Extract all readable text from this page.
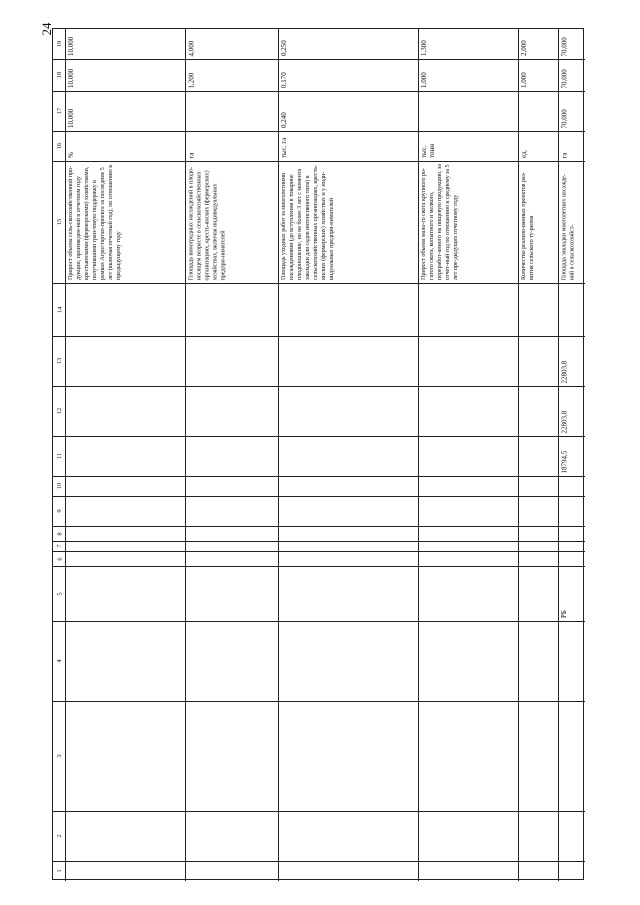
24
1
2
3
4
5
6
7
8
9
10
11
12
13
14
15
16
17
18
19
Прирост объема сель-скохозяйственной про-дукции, произведен-ной в отчетном году крестьянскими (фермерскими) хозяйствами, получившими гран-товую поддержку в рамках Агростартап-проекта за последние 5 лет (включая отчетный год), по отношению к предыдущему году
%
10,000
10,000
10,000
Площадь виноградных насаждений в плодо-носящем возрасте в сельскохозяйственных организациях, кресть-янских (фермерских) хозяйствах, включая индивидуальных предпри-нимателей
га
1,200
4,000
Площадь уходных работ за многолетними насаждениями (до вступления в товарное плодоношение, но не более 3 лет с момента закладки для садов интенсивного типа) в сельскохозяйственных организациях, кресть-янских (фермерских) хозяйствах и у инди-видуальных предпри-нимателей
тыс. га
0,240
0,170
0,250
Прирост объема мало-го скота крупного ро-гатого скота, копытного и мелкого, переработ-анного на пищевую продукцию, за отчет-ный год по отношению к среднему за 5 лет пре-дыдущих отчетному году
тыс. тонн
1,000
1,300
Количество реализо-ванных проектов раз-вития сельского ту-ризма
ед.
1,000
2,000
Площадь закладки многолетних насажде-ний в сельскохозяйст-
га
70,000
70,000
70,000
РБ
18794,5
22803,8
22803,8
